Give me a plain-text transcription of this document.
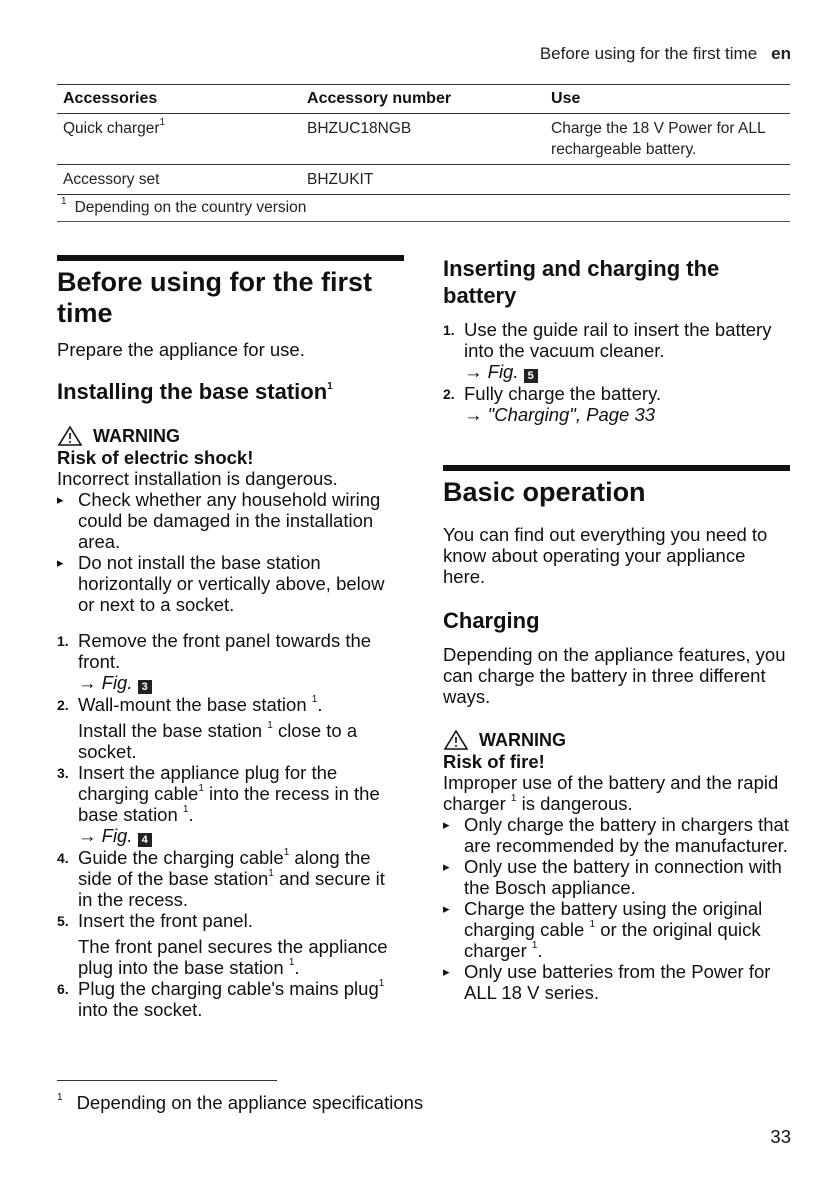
Before using for the first time en
Accessories	Accessory number	Use
Quick charger$^1$	BHZUC18NGB	Charge the 18 V Power for ALL rechargeable battery.
Accessory set	BHZUKIT
$^1$ Depending on the country version
Before using for the first time

Prepare the appliance for use.

Installing the base station$^1$
WARNING

Risk of electric shock!

Incorrect installation is dangerous.

▸ Check whether any household wiring could be damaged in the installation area.
▸ Do not install the base station horizontally or vertically above, below or next to a socket.
1. Remove the front panel towards the front.
→ Fig. 3
2. Wall-mount the base station $^1$.

Install the base station $^1$ close to a socket.

3. Insert the appliance plug for the charging cable$^1$ into the recess in the base station $^1$.
→ Fig. 4
4. Guide the charging cable$^1$ along the side of the base station$^1$ and secure it in the recess.
5. Insert the front panel.

The front panel secures the appliance plug into the base station $^1$.

6. Plug the charging cable's mains plug$^1$ into the socket.
Inserting and charging the battery
1. Use the guide rail to insert the battery into the vacuum cleaner.
→ Fig. 5
2. Fully charge the battery.
→ "Charging", Page 33
Basic operation

You can find out everything you need to know about operating your appliance here.

Charging

Depending on the appliance features, you can charge the battery in three different ways.

WARNING

Risk of fire!

Improper use of the battery and the rapid charger $^1$ is dangerous.

▸ Only charge the battery in chargers that are recommended by the manufacturer.
▸ Only use the battery in connection with the Bosch appliance.
▸ Charge the battery using the original charging cable $^1$ or the original quick charger $^1$.
▸ Only use batteries from the Power for ALL 18 V series.
$^1$ Depending on the appliance specifications
33
